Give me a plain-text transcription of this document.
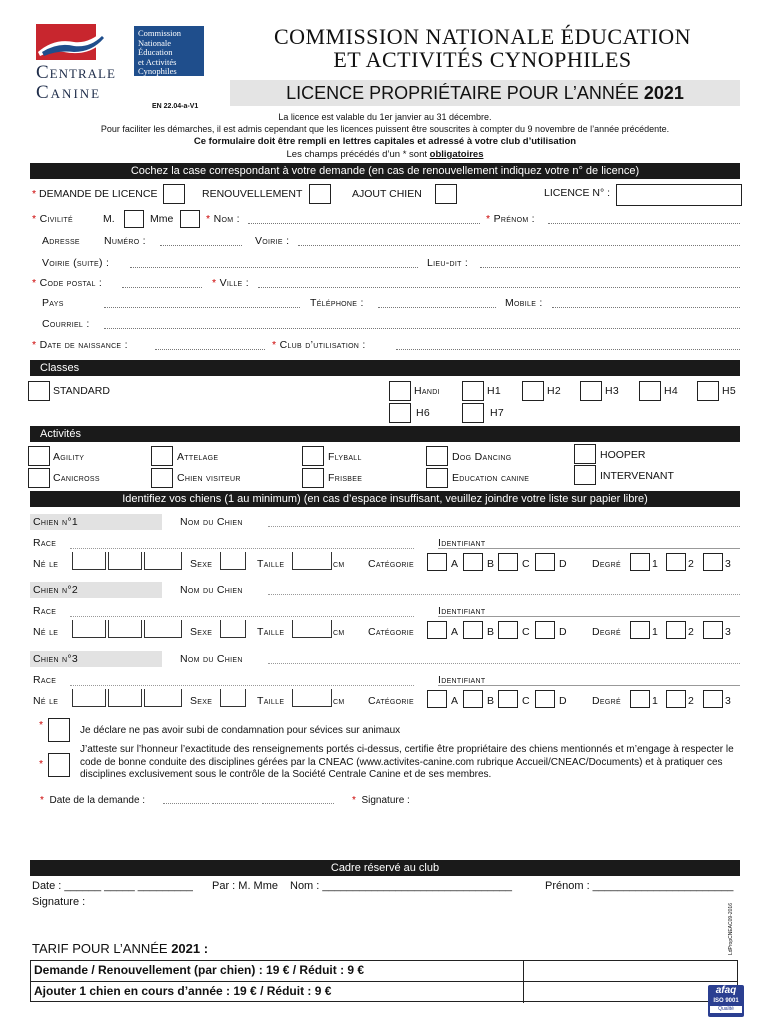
Commission
Nationale
Éducation
et Activités
Cynophiles
Centrale
Canine
EN 22.04-a-V1
COMMISSION NATIONALE ÉDUCATION
ET ACTIVITÉS CYNOPHILES
LICENCE PROPRIÉTAIRE POUR L’ANNÉE 2021
La licence est valable du 1er janvier au 31 décembre.
Pour faciliter les démarches, il est admis cependant que les licences puissent être souscrites à compter du 9 novembre de l’année précédente.
Ce formulaire doit être rempli en lettres capitales et adressé à votre club d’utilisation
Les champs précédés d’un * sont obligatoires
Cochez la case correspondant à votre demande (en cas de renouvellement indiquez votre n° de licence)
* DEMANDE DE LICENCE	RENOUVELLEMENT	AJOUT CHIEN	LICENCE N° :
* Civilité	M.	Mme	* Nom :	* Prénom :
Adresse Numéro :	Voirie :
Voirie (suite) :	Lieu-dit :
* Code postal :	* Ville :
Pays	Téléphone :	Mobile :
Courriel :
* Date de naissance :	* Club d’utilisation :
Classes
STANDARD	Handi	H1	H2	H3	H4	H5
H6	H7
Activités
Agility	Attelage	Flyball	Dog Dancing	HOOPER
Canicross	Chien visiteur	Frisbee	Education canine	INTERVENANT
Identifiez vos chiens (1 au minimum) (en cas d’espace insuffisant, veuillez joindre votre liste sur papier libre)
Chien n°1	Nom du Chien
Race	Identifiant
Né le	Sexe	Taille	cm Catégorie	A	B	C	D Degré	1	2	3
Chien n°2	Nom du Chien
Race	Identifiant
Né le	Sexe	Taille	cm Catégorie	A	B	C	D Degré	1	2	3
Chien n°3	Nom du Chien
Race	Identifiant
Né le	Sexe	Taille	cm Catégorie	A	B	C	D Degré	1	2	3
*	Je déclare ne pas avoir subi de condamnation pour sévices sur animaux
*
J’atteste sur l’honneur l’exactitude des renseignements portés ci-dessus, certifie être propriétaire des chiens mentionnés et m’engage à respecter le code de bonne conduite des disciplines gérées par la CNEAC (www.activites-canine.com rubrique Accueil/CNEAC/Documents) et à pratiquer ces disciplines exclusivement sous le contrôle de la Société Centrale Canine et de ses membres.
* Date de la demande :	* Signature :
Cadre réservé au club
Date : ______ _____ _________ Par : M. Mme Nom : _______________________________	Prénom : _______________________
Signature :
TARIF POUR L’ANNÉE 2021 :
Demande / Renouvellement (par chien) : 19 € / Réduit : 9 €
Ajouter 1 chien en cours d’année : 19 € / Réduit : 9 €
LdPropCNEAC09-2016
afaq
ISO 9001
Qualité
